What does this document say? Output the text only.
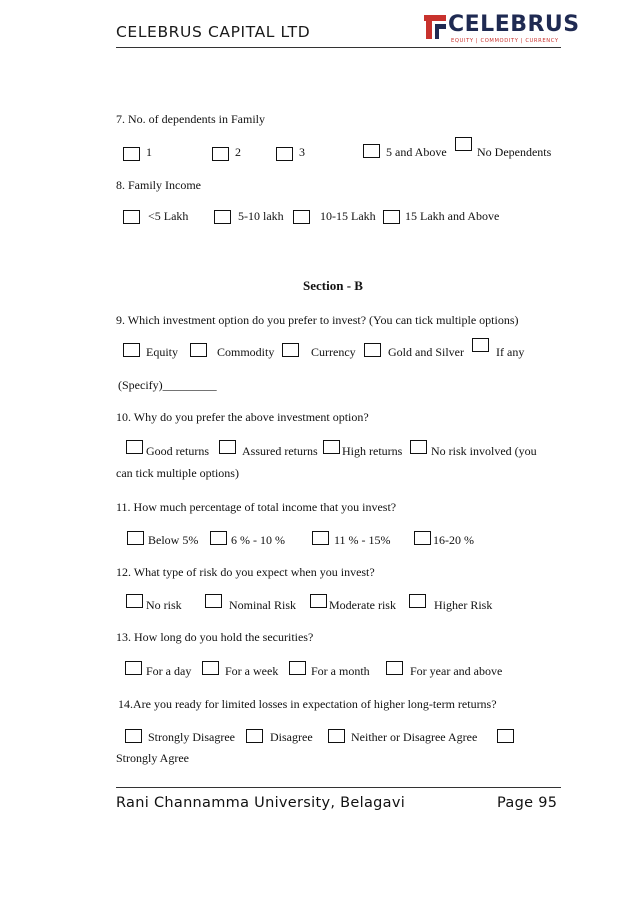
CELEBRUS CAPITAL LTD	CELEBRUS
EQUITY | COMMODITY | CURRENCY
7. No. of dependents in Family
1	2	3	5 and Above	No Dependents
8. Family Income
<5 Lakh	5-10 lakh	10-15 Lakh 15 Lakh and Above
Section - B
9. Which investment option do you prefer to invest? (You can tick multiple options)
Equity	Commodity	Currency	Gold and Silver	If any
(Specify)_________
10. Why do you prefer the above investment option?
Good returns	Assured returns High returns No risk involved (you
can tick multiple options)
11. How much percentage of total income that you invest?
Below 5%	6 % - 10 %	11 % - 15%	16-20 %
12. What type of risk do you expect when you invest?
No risk	Nominal Risk	Moderate risk	Higher Risk
13. How long do you hold the securities?
For a day	For a week	For a month	For year and above
14.Are you ready for limited losses in expectation of higher long-term returns?
Strongly Disagree	Disagree	Neither or Disagree Agree
Strongly Agree
Rani Channamma University, Belagavi	Page 95
